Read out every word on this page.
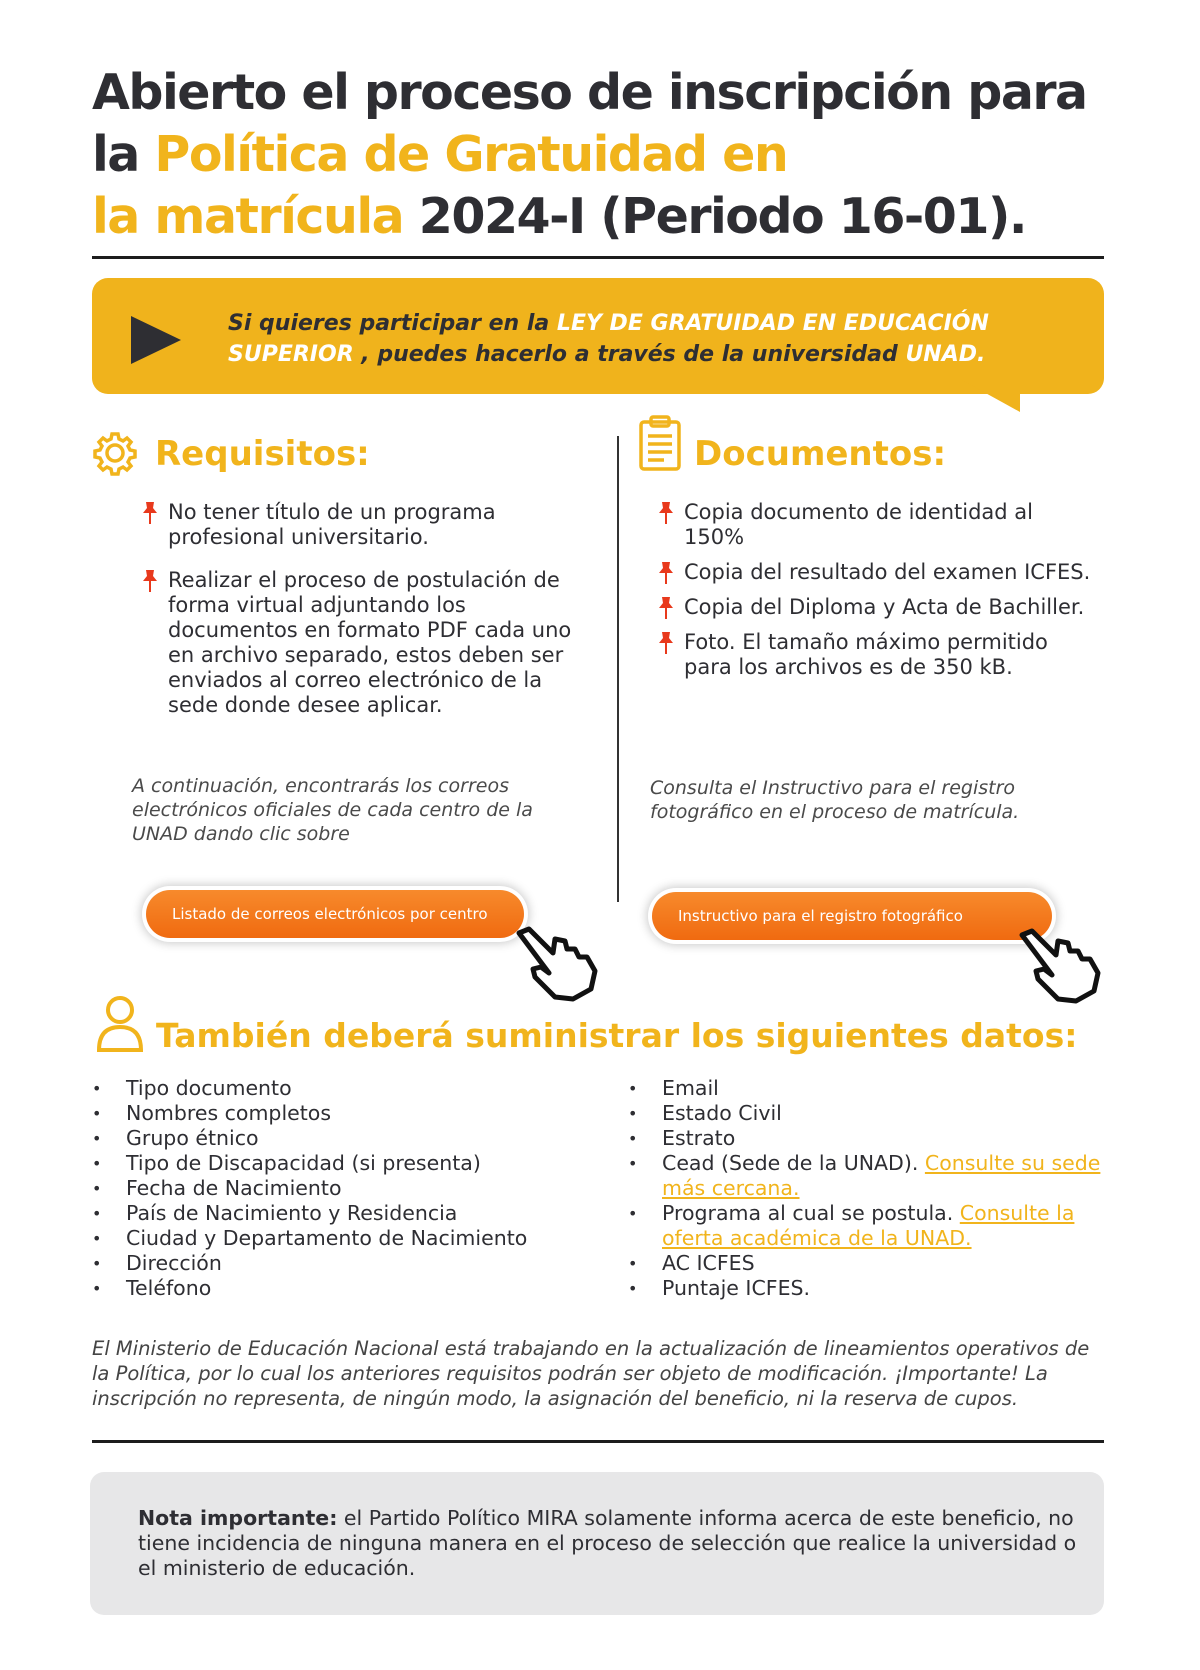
Abierto el proceso de inscripción para
la Política de Gratuidad en
la matrícula 2024-I (Periodo 16-01).

Si quieres participar en la LEY DE GRATUIDAD EN EDUCACIÓN SUPERIOR , puedes hacerlo a través de la universidad UNAD.

Requisitos:
No tener título de un programa profesional universitario.
Realizar el proceso de postulación de forma virtual adjuntando los documentos en formato PDF cada uno en archivo separado, estos deben ser enviados al correo electrónico de la sede donde desee aplicar.

A continuación, encontrarás los correos electrónicos oficiales de cada centro de la UNAD dando clic sobre

Listado de correos electrónicos por centro
Documentos:
Copia documento de identidad al 150%
Copia del resultado del examen ICFES.
Copia del Diploma y Acta de Bachiller.
Foto. El tamaño máximo permitido para los archivos es de 350 kB.

Consulta el Instructivo para el registro fotográfico en el proceso de matrícula.

Instructivo para el registro fotográfico
También deberá suministrar los siguientes datos:
• Tipo documento
• Nombres completos
• Grupo étnico
• Tipo de Discapacidad (si presenta)
• Fecha de Nacimiento
• País de Nacimiento y Residencia
• Ciudad y Departamento de Nacimiento
• Dirección
• Teléfono
• Email
• Estado Civil
• Estrato
• Cead (Sede de la UNAD). Consulte su sede más cercana.
• Programa al cual se postula. Consulte la oferta académica de la UNAD.
• AC ICFES
• Puntaje ICFES.

El Ministerio de Educación Nacional está trabajando en la actualización de lineamientos operativos de la Política, por lo cual los anteriores requisitos podrán ser objeto de modificación. ¡Importante! La inscripción no representa, de ningún modo, la asignación del beneficio, ni la reserva de cupos.

Nota importante: el Partido Político MIRA solamente informa acerca de este beneficio, no tiene incidencia de ninguna manera en el proceso de selección que realice la universidad o el ministerio de educación.
